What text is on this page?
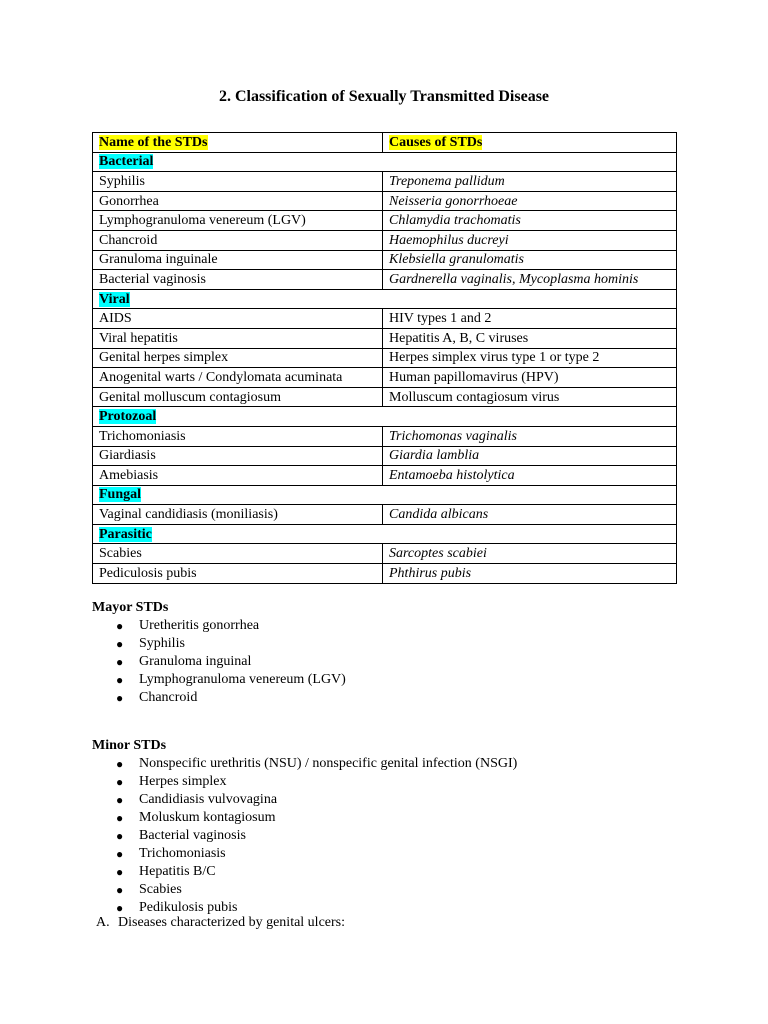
2. Classification of Sexually Transmitted Disease
Name of the STDs	Causes of STDs
Bacterial	
Syphilis	Treponema pallidum
Gonorrhea	Neisseria gonorrhoeae
Lymphogranuloma venereum (LGV)	Chlamydia trachomatis
Chancroid	Haemophilus ducreyi
Granuloma inguinale	Klebsiella granulomatis
Bacterial vaginosis	Gardnerella vaginalis, Mycoplasma hominis
Viral	
AIDS	HIV types 1 and 2
Viral hepatitis	Hepatitis A, B, C viruses
Genital herpes simplex	Herpes simplex virus type 1 or type 2
Anogenital warts / Condylomata acuminata	Human papillomavirus (HPV)
Genital molluscum contagiosum	Molluscum contagiosum virus
Protozoal	
Trichomoniasis	Trichomonas vaginalis
Giardiasis	Giardia lamblia
Amebiasis	Entamoeba histolytica
Fungal	
Vaginal candidiasis (moniliasis)	Candida albicans
Parasitic	
Scabies	Sarcoptes scabiei
Pediculosis pubis	Phthirus pubis
Mayor STDs
● Uretheritis gonorrhea
● Syphilis
● Granuloma inguinal
● Lymphogranuloma venereum (LGV)
● Chancroid
Minor STDs
● Nonspecific urethritis (NSU) / nonspecific genital infection (NSGI)
● Herpes simplex
● Candidiasis vulvovagina
● Moluskum kontagiosum
● Bacterial vaginosis
● Trichomoniasis
● Hepatitis B/C
● Scabies
● Pedikulosis pubis
A. Diseases characterized by genital ulcers:
